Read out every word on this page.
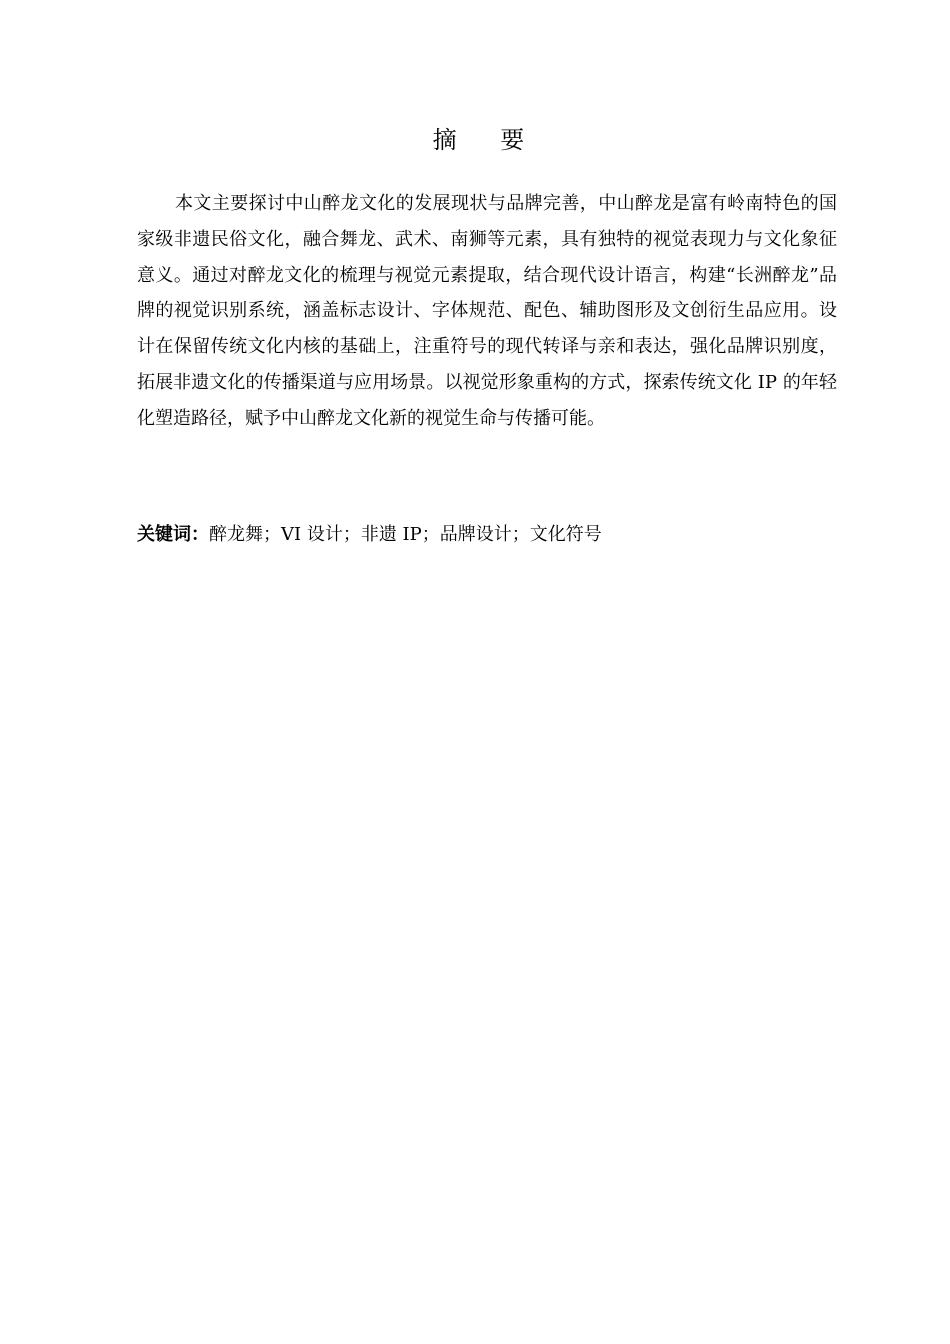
摘 要

本文主要探讨中山醉龙文化的发展现状与品牌完善，中山醉龙是富有岭南特色的国家级非遗民俗文化，融合舞龙、武术、南狮等元素，具有独特的视觉表现力与文化象征意义。通过对醉龙文化的梳理与视觉元素提取，结合现代设计语言，构建“长洲醉龙”品牌的视觉识别系统，涵盖标志设计、字体规范、配色、辅助图形及文创衍生品应用。设计在保留传统文化内核的基础上，注重符号的现代转译与亲和表达，强化品牌识别度，拓展非遗文化的传播渠道与应用场景。以视觉形象重构的方式，探索传统文化 IP 的年轻化塑造路径，赋予中山醉龙文化新的视觉生命与传播可能。

关键词：醉龙舞；VI 设计；非遗 IP；品牌设计；文化符号
